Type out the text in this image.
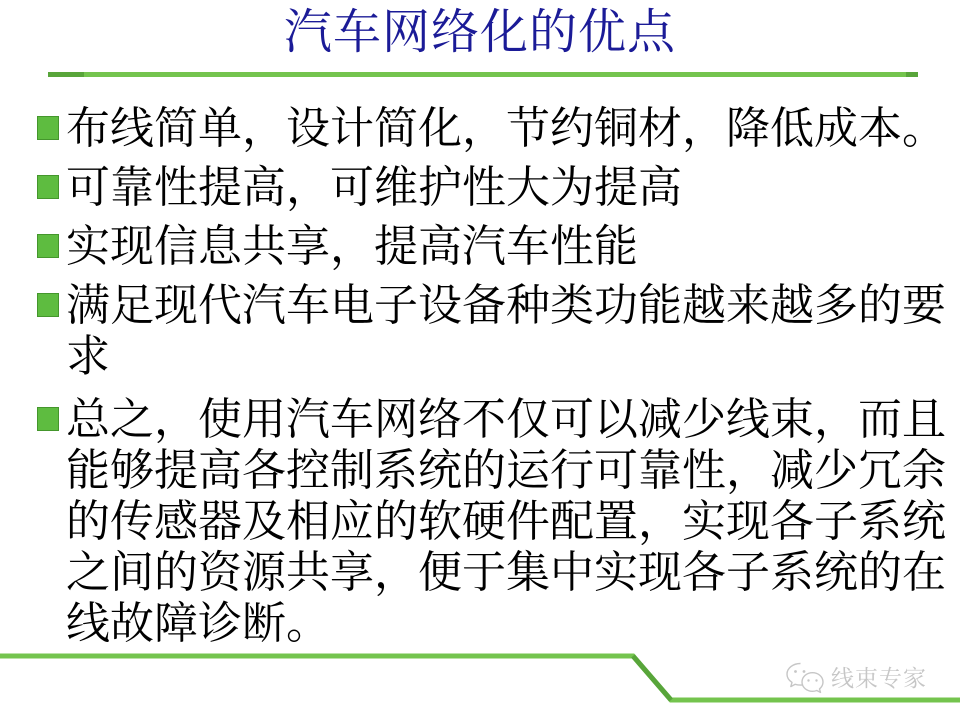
汽车网络化的优点
布线简单，设计简化，节约铜材，降低成本。
可靠性提高，可维护性大为提高
实现信息共享，提高汽车性能
满足现代汽车电子设备种类功能越来越多的要求
总之，使用汽车网络不仅可以减少线束，而且能够提高各控制系统的运行可靠性，减少冗余的传感器及相应的软硬件配置，实现各子系统之间的资源共享，便于集中实现各子系统的在线故障诊断。
线束专家
